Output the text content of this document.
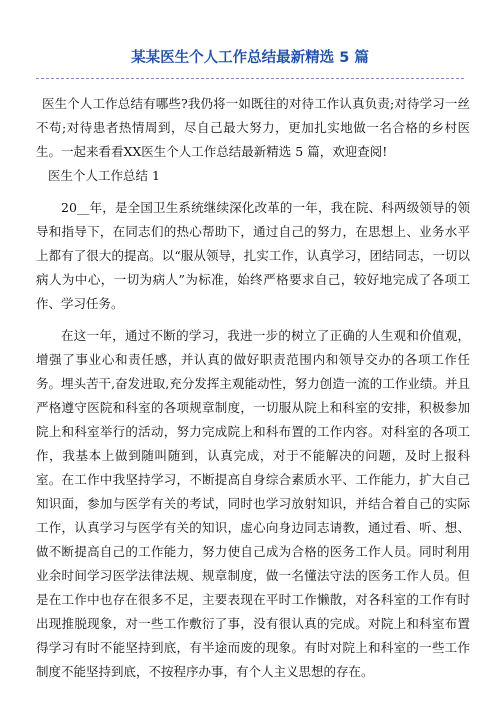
某某医生个人工作总结最新精选 5 篇

医生个人工作总结有哪些?我仍将一如既往的对待工作认真负责;对待学习一丝不苟;对待患者热情周到，尽自己最大努力，更加扎实地做一名合格的乡村医生。一起来看看XX医生个人工作总结最新精选 5 篇，欢迎查阅!

医生个人工作总结 1

20__年，是全国卫生系统继续深化改革的一年，我在院、科两级领导的领导和指导下，在同志们的热心帮助下，通过自己的努力，在思想上、业务水平上都有了很大的提高。以“服从领导，扎实工作，认真学习，团结同志，一切以病人为中心，一切为病人”为标准，始终严格要求自己，较好地完成了各项工作、学习任务。

在这一年，通过不断的学习，我进一步的树立了正确的人生观和价值观，增强了事业心和责任感，并认真的做好职责范围内和领导交办的各项工作任务。埋头苦干,奋发进取,充分发挥主观能动性，努力创造一流的工作业绩。并且严格遵守医院和科室的各项规章制度，一切服从院上和科室的安排，积极参加院上和科室举行的活动，努力完成院上和科布置的工作内容。对科室的各项工作，我基本上做到随叫随到，认真完成，对于不能解决的问题，及时上报科室。在工作中我坚持学习，不断提高自身综合素质水平、工作能力，扩大自己知识面，参加与医学有关的考试，同时也学习放射知识，并结合着自己的实际工作，认真学习与医学有关的知识，虚心向身边同志请教，通过看、听、想、做不断提高自己的工作能力，努力使自己成为合格的医务工作人员。同时利用业余时间学习医学法律法规、规章制度，做一名懂法守法的医务工作人员。但是在工作中也存在很多不足，主要表现在平时工作懒散，对各科室的工作有时出现推脱现象，对一些工作敷衍了事，没有很认真的完成。对院上和科室布置得学习有时不能坚持到底，有半途而废的现象。有时对院上和科室的一些工作制度不能坚持到底，不按程序办事，有个人主义思想的存在。
